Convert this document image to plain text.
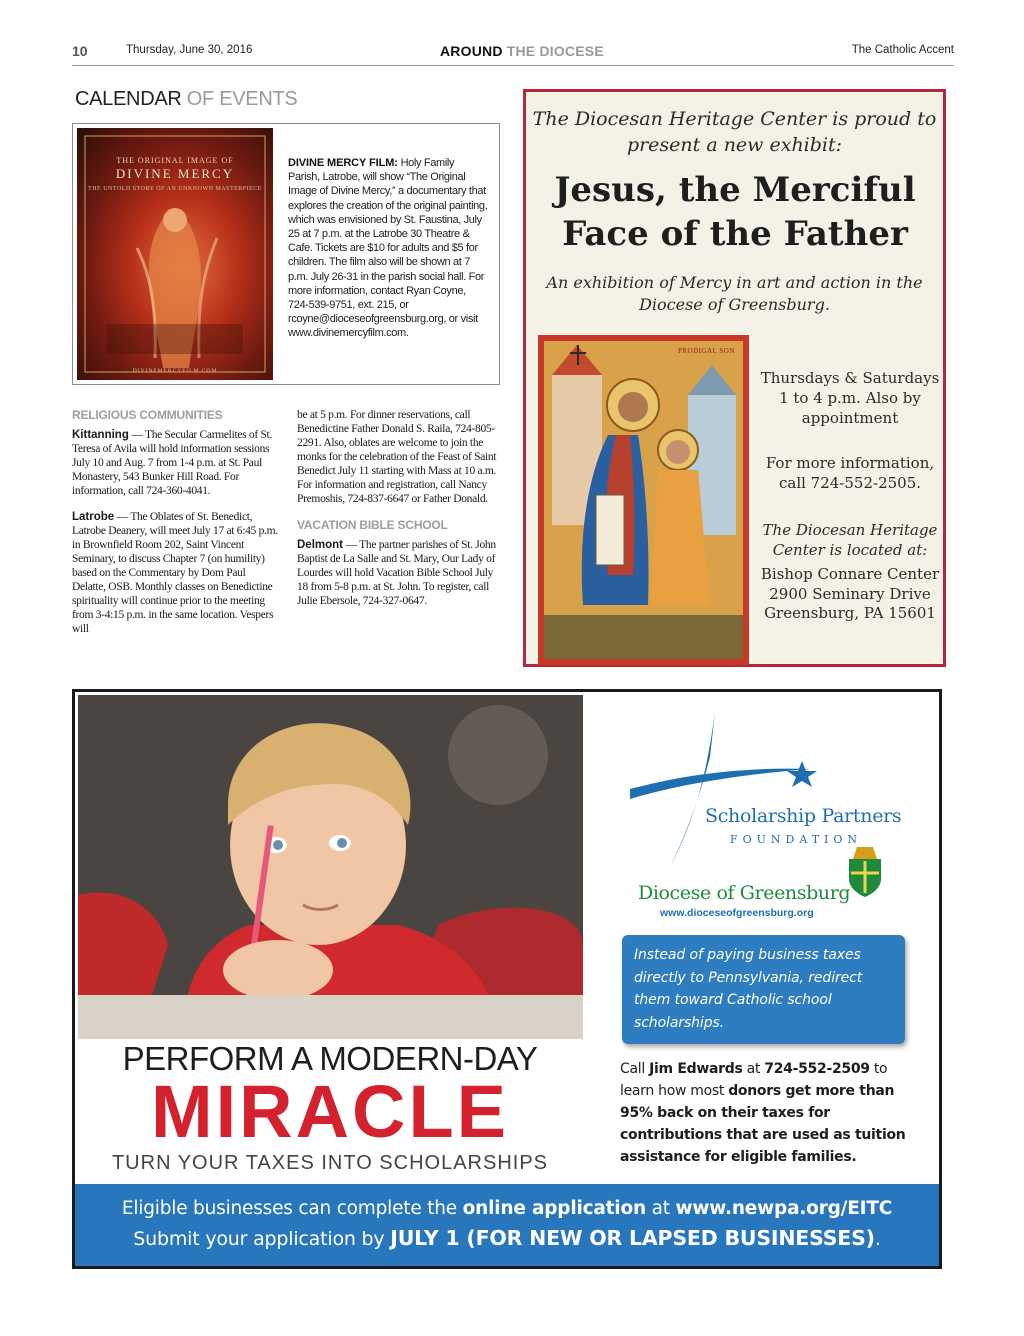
10	Thursday, June 30, 2016	AROUND THE DIOCESE	The Catholic Accent
CALENDAR OF EVENTS
THE ORIGINAL IMAGE OF
DIVINE MERCY
THE UNTOLD STORY OF AN UNKNOWN MASTERPIECE
DIVINEMERCYFILM.COM
DIVINE MERCY FILM: Holy Family Parish, Latrobe, will show “The Original Image of Divine Mercy,” a documentary that explores the creation of the original painting, which was envisioned by St. Faustina, July 25 at 7 p.m. at the Latrobe 30 Theatre & Cafe. Tickets are $10 for adults and $5 for children. The film also will be shown at 7 p.m. July 26-31 in the parish social hall. For more information, contact Ryan Coyne, 724-539-9751, ext. 215, or rcoyne@dioceseofgreensburg.org, or visit www.divinemercyfilm.com.
RELIGIOUS COMMUNITIES

Kittanning — The Secular Carmelites of St. Teresa of Avila will hold information sessions July 10 and Aug. 7 from 1-4 p.m. at St. Paul Monastery, 543 Bunker Hill Road. For information, call 724-360-4041.

Latrobe — The Oblates of St. Benedict, Latrobe Deanery, will meet July 17 at 6:45 p.m. in Brownfield Room 202, Saint Vincent Seminary, to discuss Chapter 7 (on humility) based on the Commentary by Dom Paul Delatte, OSB. Monthly classes on Benedictine spirituality will continue prior to the meeting from 3-4:15 p.m. in the same location. Vespers will

be at 5 p.m. For dinner reservations, call Benedictine Father Donald S. Raila, 724-805-2291. Also, oblates are welcome to join the monks for the celebration of the Feast of Saint Benedict July 11 starting with Mass at 10 a.m. For information and registration, call Nancy Premoshis, 724-837-6647 or Father Donald.

VACATION BIBLE SCHOOL

Delmont — The partner parishes of St. John Baptist de La Salle and St. Mary, Our Lady of Lourdes will hold Vacation Bible School July 18 from 5-8 p.m. at St. John. To register, call Julie Ebersole, 724-327-0647.

The Diocesan Heritage Center is proud to present a new exhibit:
Jesus, the Merciful Face of the Father
An exhibition of Mercy in art and action in the Diocese of Greensburg.
PRODIGAL SON
Thursdays & Saturdays 1 to 4 p.m. Also by appointment
For more information, call 724-552-2505.
The Diocesan Heritage Center is located at:
Bishop Connare Center
2900 Seminary Drive
Greensburg, PA 15601
PERFORM A MODERN-DAY
MIRACLE
TURN YOUR TAXES INTO SCHOLARSHIPS
Scholarship Partners
FOUNDATION
Diocese of Greensburg
www.dioceseofgreensburg.org

Instead of paying business taxes directly to Pennsylvania, redirect them toward Catholic school scholarships.

Call Jim Edwards at 724-552-2509 to learn how most donors get more than 95% back on their taxes for contributions that are used as tuition assistance for eligible families.

Eligible businesses can complete the online application at www.newpa.org/EITC

Submit your application by JULY 1 (FOR NEW OR LAPSED BUSINESSES).
